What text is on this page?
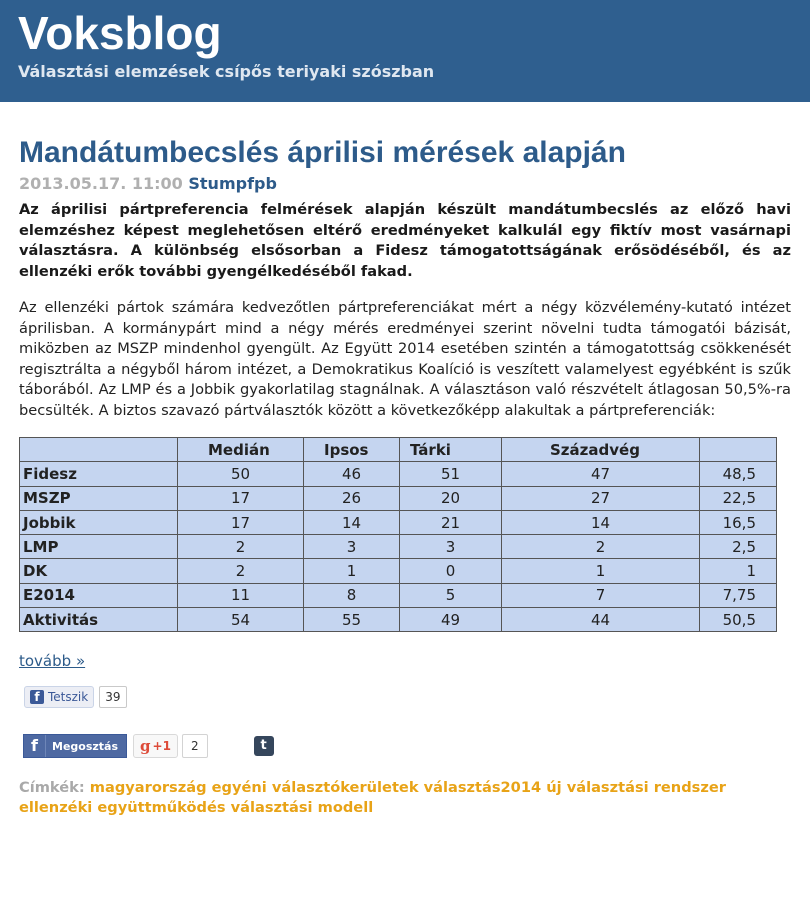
Voksblog
Választási elemzések csípős teriyaki szószban
Mandátumbecslés áprilisi mérések alapján
2013.05.17. 11:00 Stumpfpb

Az áprilisi pártpreferencia felmérések alapján készült mandátumbecslés az előző havi elemzéshez képest meglehetősen eltérő eredményeket kalkulál egy fiktív most vasárnapi választásra. A különbség elsősorban a Fidesz támogatottságának erősödéséből, és az ellenzéki erők további gyengélkedéséből fakad.

Az ellenzéki pártok számára kedvezőtlen pártpreferenciákat mért a négy közvélemény-kutató intézet áprilisban. A kormánypárt mind a négy mérés eredményei szerint növelni tudta támogatói bázisát, miközben az MSZP mindenhol gyengült. Az Együtt 2014 esetében szintén a támogatottság csökkenését regisztrálta a négyből három intézet, a Demokratikus Koalíció is veszített valamelyest egyébként is szűk táborából. Az LMP és a Jobbik gyakorlatilag stagnálnak. A választáson való részvételt átlagosan 50,5%-ra becsülték. A biztos szavazó pártválasztók között a következőképp alakultak a pártpreferenciák:

	Medián	Ipsos	Tárki	Századvég	
Fidesz	50	46	51	47	48,5
MSZP	17	26	20	27	22,5
Jobbik	17	14	21	14	16,5
LMP	2	3	3	2	2,5
DK	2	1	0	1	1
E2014	11	8	5	7	7,75
Aktivitás	54	55	49	44	50,5
tovább »
f Tetszik	39
f	Megosztás g +1	2	t
Címkék: magyarország egyéni választókerületek választás2014 új választási rendszer ellenzéki együttműködés választási modell
